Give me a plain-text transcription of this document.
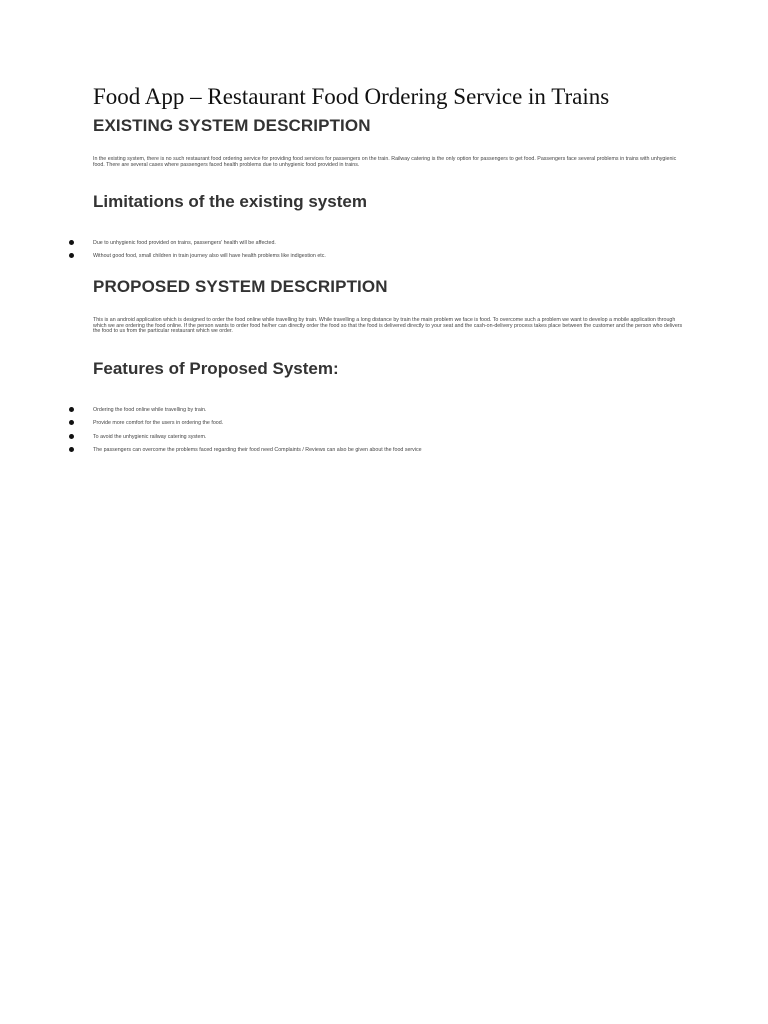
Food App – Restaurant Food Ordering Service in Trains
EXISTING SYSTEM DESCRIPTION

In the existing system, there is no such restaurant food ordering service for providing food services for passengers on the train. Railway catering is the only option for passengers to get food. Passengers face several problems in trains with unhygienic food. There are several cases where passengers faced health problems due to unhygienic food provided in trains.

Limitations of the existing system
Due to unhygienic food provided on trains, passengers' health will be affected.
Without good food, small children in train journey also will have health problems like indigestion etc.
PROPOSED SYSTEM DESCRIPTION

This is an android application which is designed to order the food online while travelling by train. While travelling a long distance by train the main problem we face is food. To overcome such a problem we want to develop a mobile application through which we are ordering the food online. If the person wants to order food he/her can directly order the food so that the food is delivered directly to your seat and the cash-on-delivery process takes place between the customer and the person who delivers the food to us from the particular restaurant which we order.

Features of Proposed System:
Ordering the food online while travelling by train.
Provide more comfort for the users in ordering the food.
To avoid the unhygienic railway catering system.
The passengers can overcome the problems faced regarding their food need Complaints / Reviews can also be given about the food service
